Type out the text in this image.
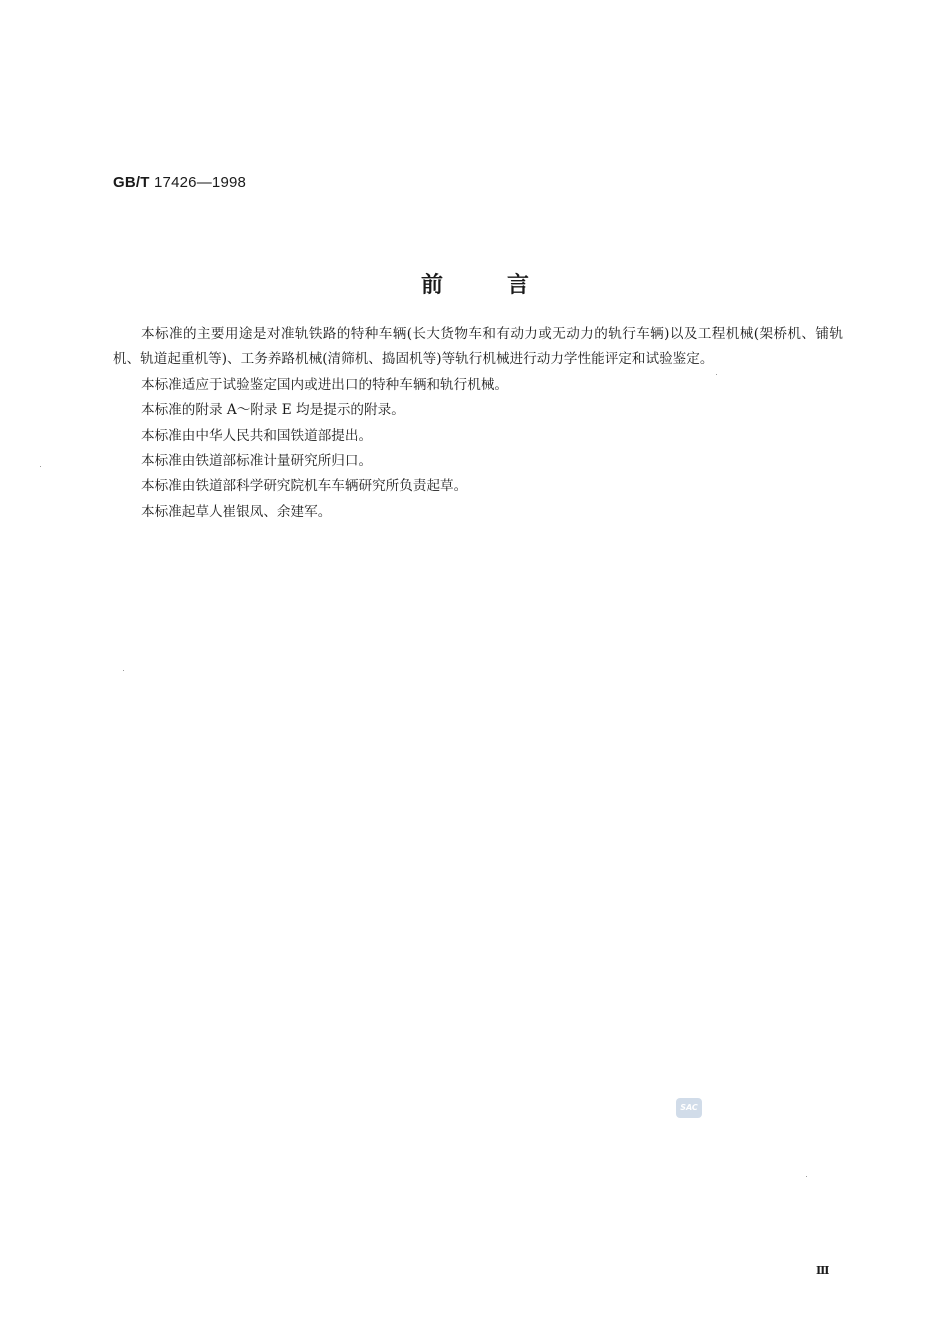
GB/T 17426—1998
前	言

本标准的主要用途是对准轨铁路的特种车辆(长大货物车和有动力或无动力的轨行车辆)以及工程机械(架桥机、铺轨机、轨道起重机等)、工务养路机械(清筛机、捣固机等)等轨行机械进行动力学性能评定和试验鉴定。

本标准适应于试验鉴定国内或进出口的特种车辆和轨行机械。

本标准的附录 A～附录 E 均是提示的附录。

本标准由中华人民共和国铁道部提出。

本标准由铁道部标准计量研究所归口。

本标准由铁道部科学研究院机车车辆研究所负责起草。

本标准起草人崔银凤、余建军。

SAC
Ⅲ
